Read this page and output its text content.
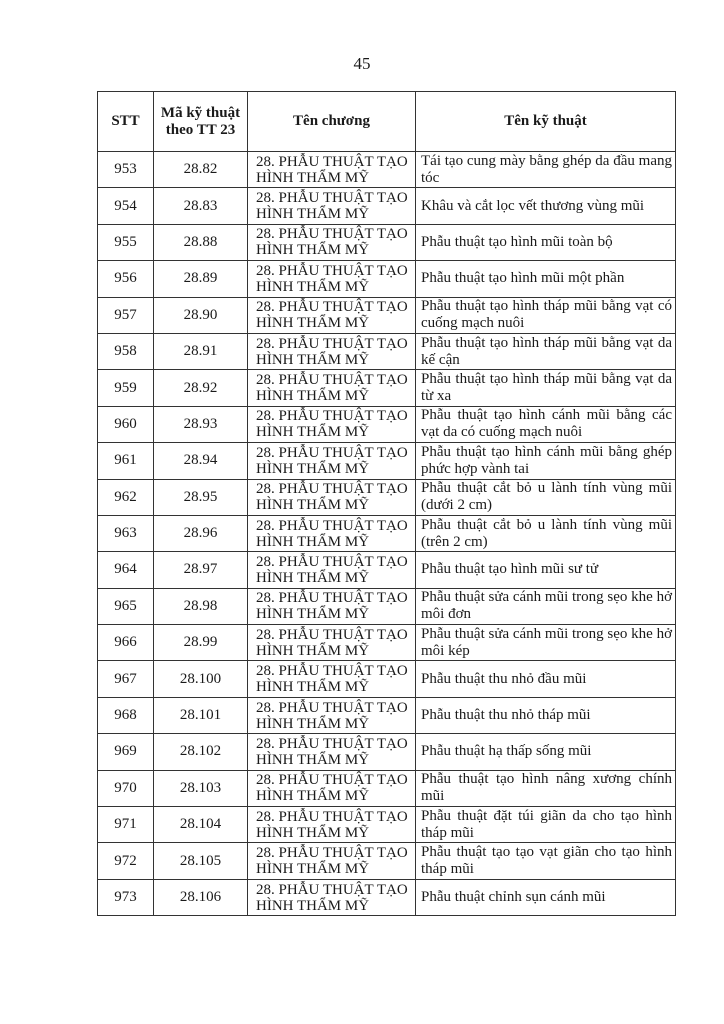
45
STT	Mã kỹ thuật theo TT 23	Tên chương	Tên kỹ thuật
953	28.82	28. PHẪU THUẬT TẠO HÌNH THẨM MỸ	Tái tạo cung mày bằng ghép da đầu mang tóc
954	28.83	28. PHẪU THUẬT TẠO HÌNH THẨM MỸ	Khâu và cắt lọc vết thương vùng mũi
955	28.88	28. PHẪU THUẬT TẠO HÌNH THẨM MỸ	Phẫu thuật tạo hình mũi toàn bộ
956	28.89	28. PHẪU THUẬT TẠO HÌNH THẨM MỸ	Phẫu thuật tạo hình mũi một phần
957	28.90	28. PHẪU THUẬT TẠO HÌNH THẨM MỸ	Phẫu thuật tạo hình tháp mũi bằng vạt có cuống mạch nuôi
958	28.91	28. PHẪU THUẬT TẠO HÌNH THẨM MỸ	Phẫu thuật tạo hình tháp mũi bằng vạt da kế cận
959	28.92	28. PHẪU THUẬT TẠO HÌNH THẨM MỸ	Phẫu thuật tạo hình tháp mũi bằng vạt da từ xa
960	28.93	28. PHẪU THUẬT TẠO HÌNH THẨM MỸ	Phẫu thuật tạo hình cánh mũi bằng các vạt da có cuống mạch nuôi
961	28.94	28. PHẪU THUẬT TẠO HÌNH THẨM MỸ	Phẫu thuật tạo hình cánh mũi bằng ghép phức hợp vành tai
962	28.95	28. PHẪU THUẬT TẠO HÌNH THẨM MỸ	Phẫu thuật cắt bỏ u lành tính vùng mũi (dưới 2 cm)
963	28.96	28. PHẪU THUẬT TẠO HÌNH THẨM MỸ	Phẫu thuật cắt bỏ u lành tính vùng mũi (trên 2 cm)
964	28.97	28. PHẪU THUẬT TẠO HÌNH THẨM MỸ	Phẫu thuật tạo hình mũi sư tử
965	28.98	28. PHẪU THUẬT TẠO HÌNH THẨM MỸ	Phẫu thuật sửa cánh mũi trong sẹo khe hở môi đơn
966	28.99	28. PHẪU THUẬT TẠO HÌNH THẨM MỸ	Phẫu thuật sửa cánh mũi trong sẹo khe hở môi kép
967	28.100	28. PHẪU THUẬT TẠO HÌNH THẨM MỸ	Phẫu thuật thu nhỏ đầu mũi
968	28.101	28. PHẪU THUẬT TẠO HÌNH THẨM MỸ	Phẫu thuật thu nhỏ tháp mũi
969	28.102	28. PHẪU THUẬT TẠO HÌNH THẨM MỸ	Phẫu thuật hạ thấp sống mũi
970	28.103	28. PHẪU THUẬT TẠO HÌNH THẨM MỸ	Phẫu thuật tạo hình nâng xương chính mũi
971	28.104	28. PHẪU THUẬT TẠO HÌNH THẨM MỸ	Phẫu thuật đặt túi giãn da cho tạo hình tháp mũi
972	28.105	28. PHẪU THUẬT TẠO HÌNH THẨM MỸ	Phẫu thuật tạo tạo vạt giãn cho tạo hình tháp mũi
973	28.106	28. PHẪU THUẬT TẠO HÌNH THẨM MỸ	Phẫu thuật chỉnh sụn cánh mũi
